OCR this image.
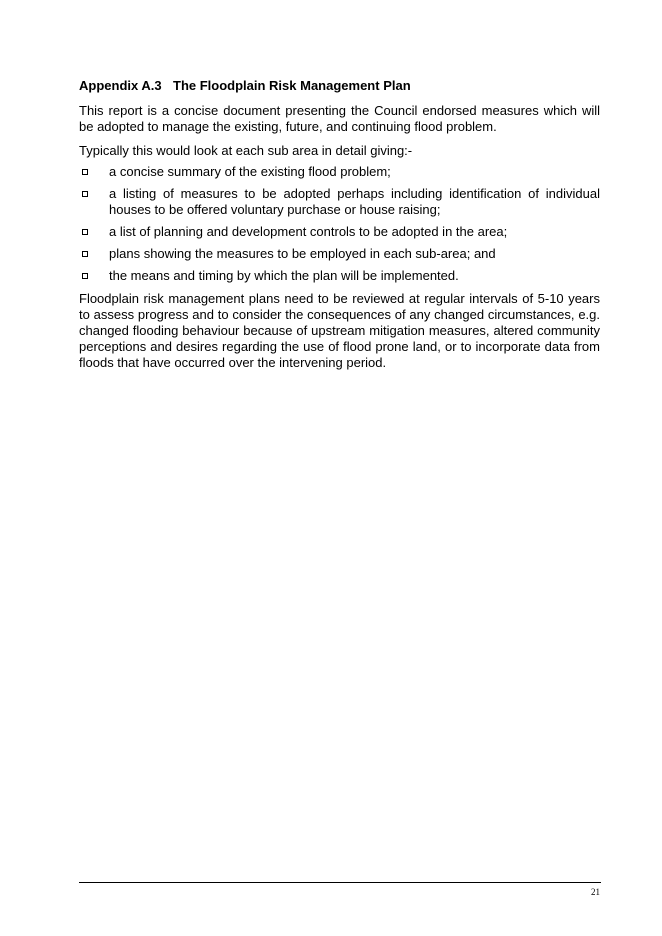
Appendix A.3 The Floodplain Risk Management Plan

This report is a concise document presenting the Council endorsed measures which will be adopted to manage the existing, future, and continuing flood problem.

Typically this would look at each sub area in detail giving:-

a concise summary of the existing flood problem;
a listing of measures to be adopted perhaps including identification of individual houses to be offered voluntary purchase or house raising;
a list of planning and development controls to be adopted in the area;
plans showing the measures to be employed in each sub-area; and
the means and timing by which the plan will be implemented.

Floodplain risk management plans need to be reviewed at regular intervals of 5-10 years to assess progress and to consider the consequences of any changed circumstances, e.g. changed flooding behaviour because of upstream mitigation measures, altered community perceptions and desires regarding the use of flood prone land, or to incorporate data from floods that have occurred over the intervening period.

21
